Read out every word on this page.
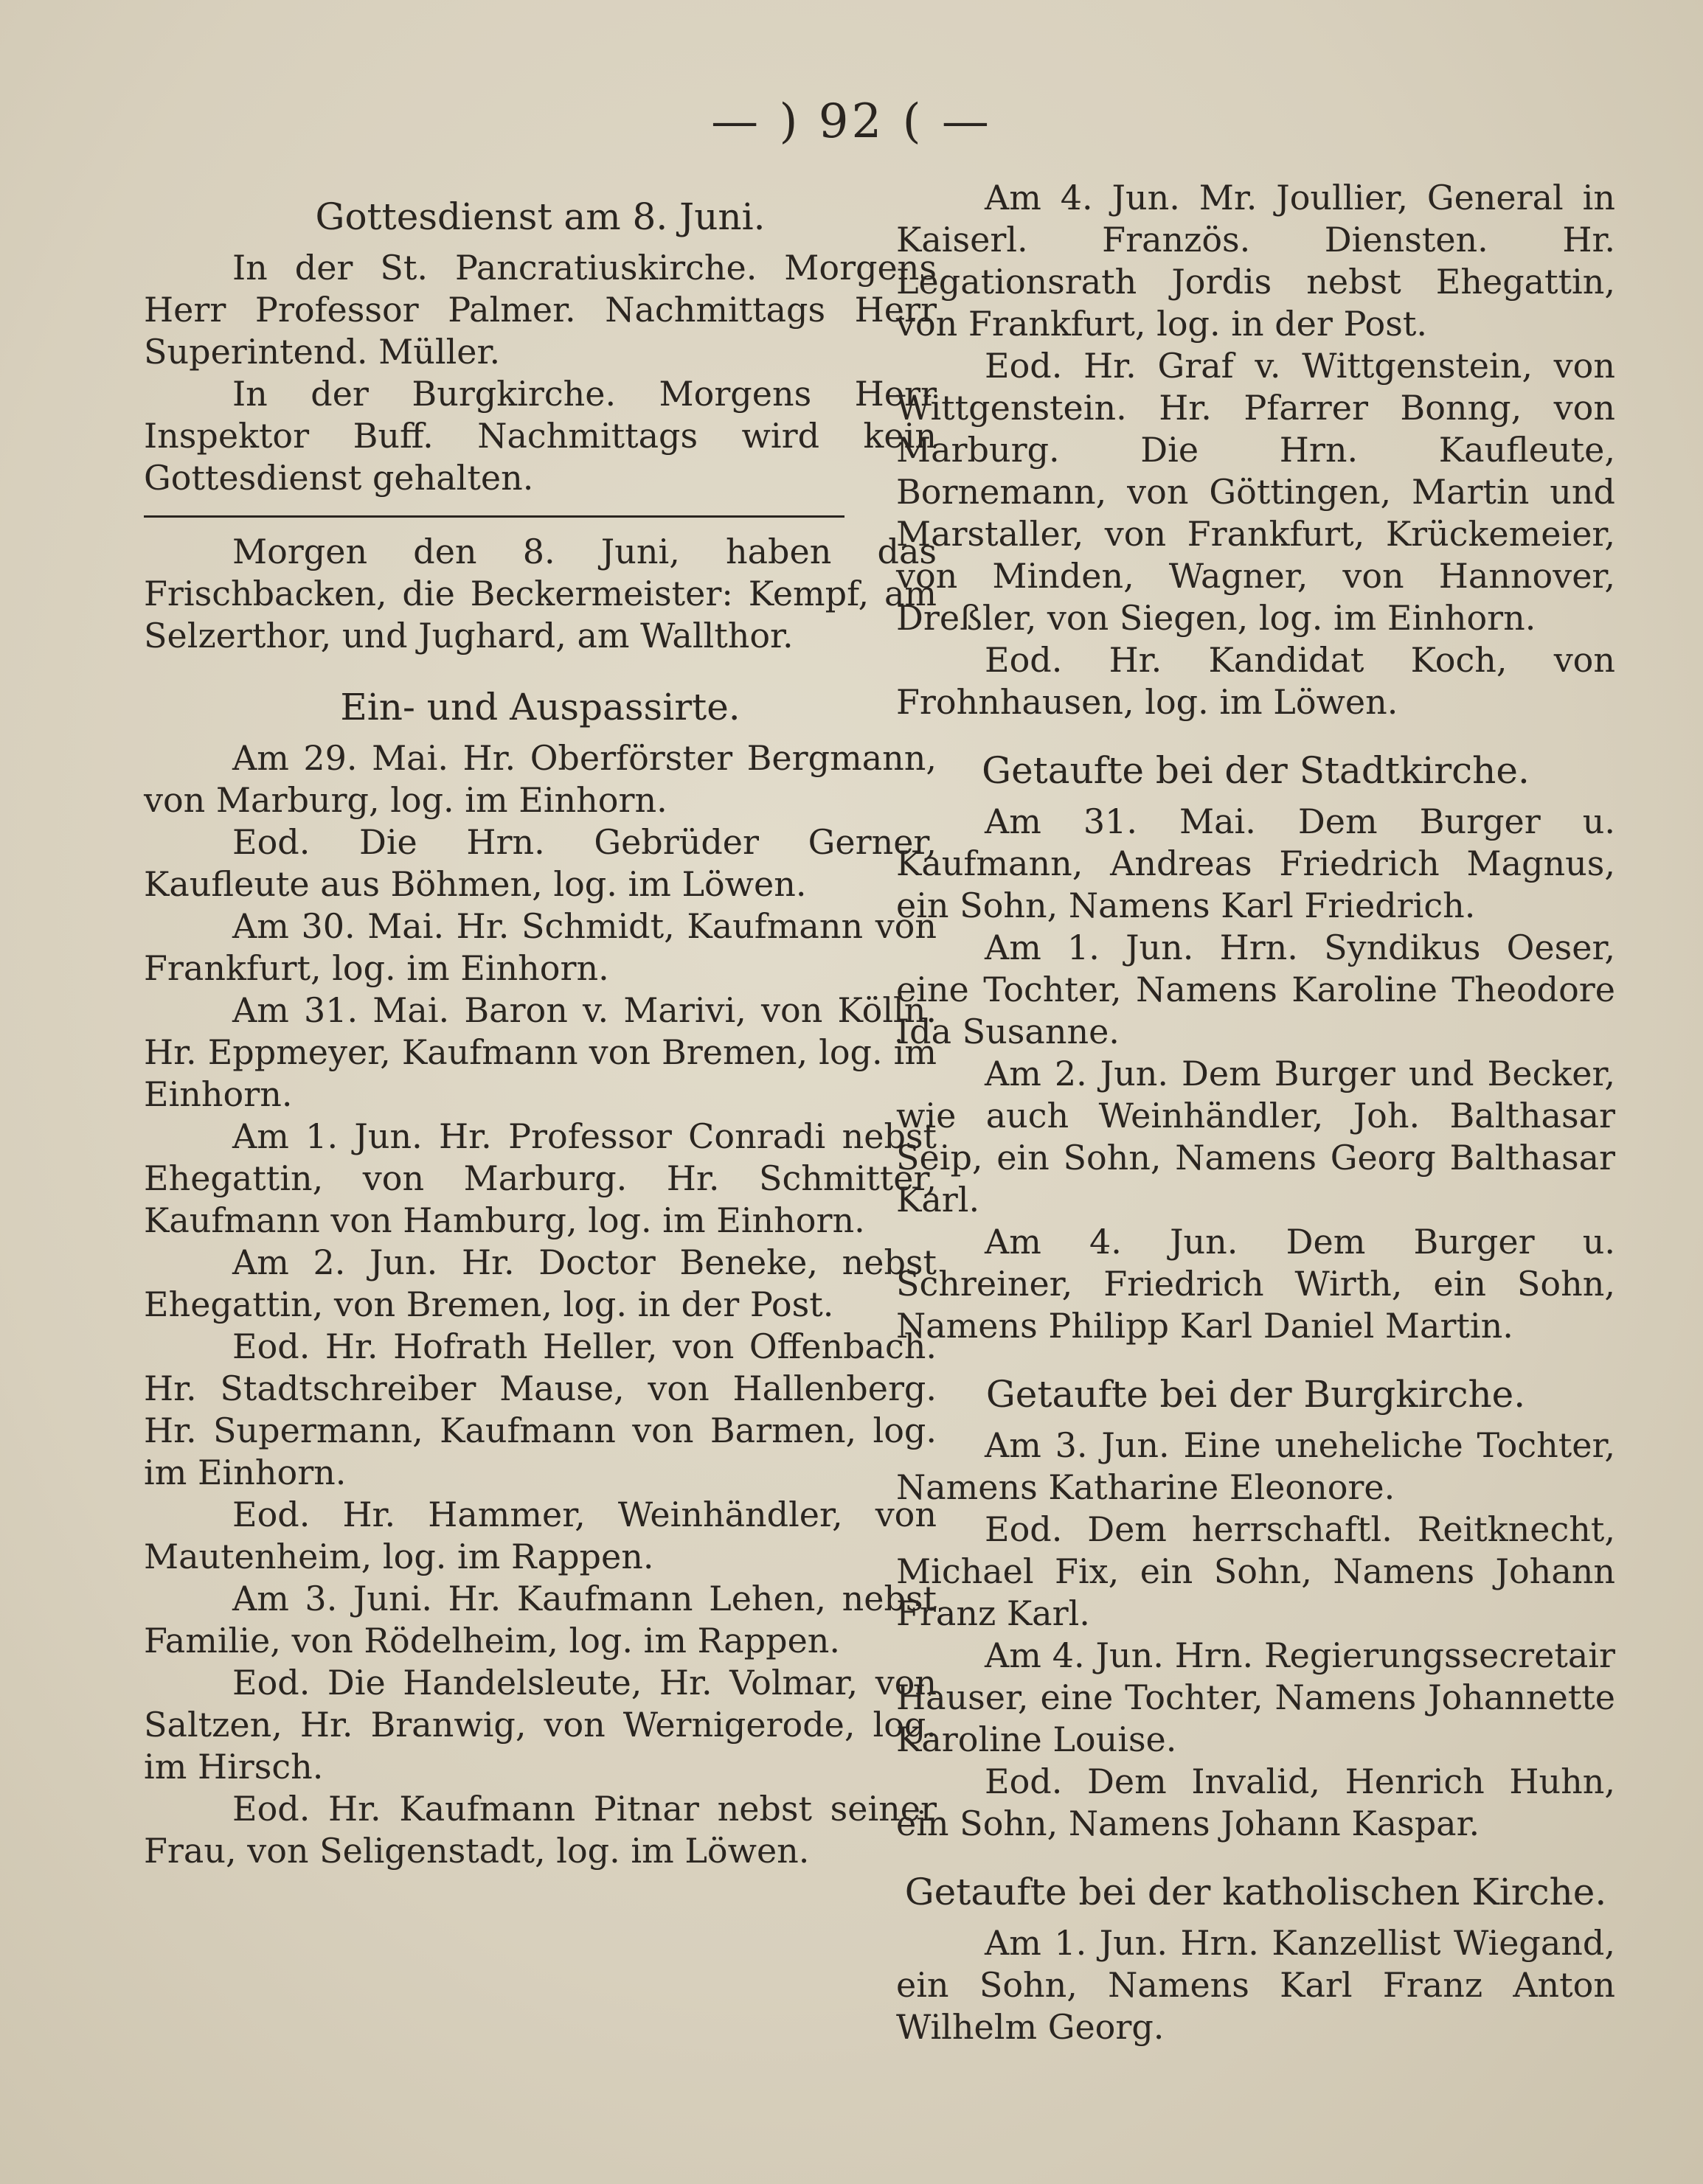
— ) 92 ( —
Gottesdienst am 8. Juni.

In der St. Pancratiuskirche. Morgens Herr Professor Palmer. Nachmittags Herr Superintend. Müller.

In der Burgkirche. Morgens Herr Inspektor Buff. Nachmittags wird kein Gottesdienst gehalten.

Morgen den 8. Juni, haben das Frischbacken, die Beckermeister: Kempf, am Selzerthor, und Jughard, am Wallthor.

Ein- und Auspassirte.

Am 29. Mai. Hr. Oberförster Bergmann, von Marburg, log. im Einhorn.

Eod. Die Hrn. Gebrüder Gerner, Kaufleute aus Böhmen, log. im Löwen.

Am 30. Mai. Hr. Schmidt, Kaufmann von Frankfurt, log. im Einhorn.

Am 31. Mai. Baron v. Marivi, von Kölln. Hr. Eppmeyer, Kaufmann von Bremen, log. im Einhorn.

Am 1. Jun. Hr. Professor Conradi nebst Ehegattin, von Marburg. Hr. Schmitter, Kaufmann von Hamburg, log. im Einhorn.

Am 2. Jun. Hr. Doctor Beneke, nebst Ehegattin, von Bremen, log. in der Post.

Eod. Hr. Hofrath Heller, von Offenbach. Hr. Stadtschreiber Mause, von Hallenberg. Hr. Supermann, Kaufmann von Barmen, log. im Einhorn.

Eod. Hr. Hammer, Weinhändler, von Mautenheim, log. im Rappen.

Am 3. Juni. Hr. Kaufmann Lehen, nebst Familie, von Rödelheim, log. im Rappen.

Eod. Die Handelsleute, Hr. Volmar, von Saltzen, Hr. Branwig, von Wernigerode, log. im Hirsch.

Eod. Hr. Kaufmann Pitnar nebst seiner Frau, von Seligenstadt, log. im Löwen.

Am 4. Jun. Mr. Joullier, General in Kaiserl. Französ. Diensten. Hr. Legationsrath Jordis nebst Ehegattin, von Frankfurt, log. in der Post.

Eod. Hr. Graf v. Wittgenstein, von Wittgenstein. Hr. Pfarrer Bonng, von Marburg. Die Hrn. Kaufleute, Bornemann, von Göttingen, Martin und Marstaller, von Frankfurt, Krückemeier, von Minden, Wagner, von Hannover, Dreßler, von Siegen, log. im Einhorn.

Eod. Hr. Kandidat Koch, von Frohnhausen, log. im Löwen.

Getaufte bei der Stadtkirche.

Am 31. Mai. Dem Burger u. Kaufmann, Andreas Friedrich Magnus, ein Sohn, Namens Karl Friedrich.

Am 1. Jun. Hrn. Syndikus Oeser, eine Tochter, Namens Karoline Theodore Ida Susanne.

Am 2. Jun. Dem Burger und Becker, wie auch Weinhändler, Joh. Balthasar Seip, ein Sohn, Namens Georg Balthasar Karl.

Am 4. Jun. Dem Burger u. Schreiner, Friedrich Wirth, ein Sohn, Namens Philipp Karl Daniel Martin.

Getaufte bei der Burgkirche.

Am 3. Jun. Eine uneheliche Tochter, Namens Katharine Eleonore.

Eod. Dem herrschaftl. Reitknecht, Michael Fix, ein Sohn, Namens Johann Franz Karl.

Am 4. Jun. Hrn. Regierungssecretair Hauser, eine Tochter, Namens Johannette Karoline Louise.

Eod. Dem Invalid, Henrich Huhn, ein Sohn, Namens Johann Kaspar.

Getaufte bei der katholischen Kirche.

Am 1. Jun. Hrn. Kanzellist Wiegand, ein Sohn, Namens Karl Franz Anton Wilhelm Georg.
